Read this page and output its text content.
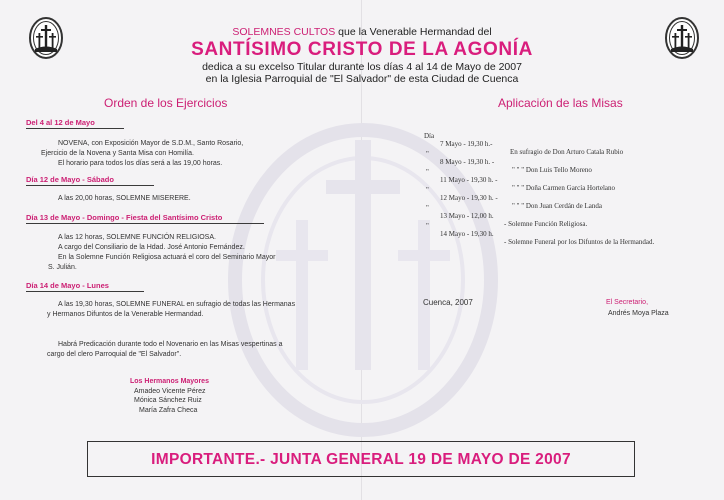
SOLEMNES CULTOS que la Venerable Hermandad del
SANTÍSIMO CRISTO DE LA AGONÍA
dedica a su excelso Titular durante los días 4 al 14 de Mayo de 2007
en la Iglesia Parroquial de "El Salvador" de esta Ciudad de Cuenca
Orden de los Ejercicios
Del 4 al 12 de Mayo
NOVENA, con Exposición Mayor de S.D.M., Santo Rosario,
Ejercicio de la Novena y Santa Misa con Homilía.
El horario para todos los días será a las 19,00 horas.
Día 12 de Mayo - Sábado
A las 20,00 horas, SOLEMNE MISERERE.
Día 13 de Mayo - Domingo - Fiesta del Santísimo Cristo
A las 12 horas, SOLEMNE FUNCIÓN RELIGIOSA.
A cargo del Consiliario de la Hdad. José Antonio Fernández.
En la Solemne Función Religiosa actuará el coro del Seminario Mayor
S. Julián.
Día 14 de Mayo - Lunes
A las 19,30 horas, SOLEMNE FUNERAL en sufragio de todas las Hermanas
y Hermanos Difuntos de la Venerable Hermandad.
Habrá Predicación durante todo el Novenario en las Misas vespertinas a
cargo del clero Parroquial de "El Salvador".
Los Hermanos Mayores
Amadeo Vicente Pérez
Mónica Sánchez Ruiz
María Zafra Checa
Aplicación de las Misas

Día

7 Mayo - 19,30 h.-

En sufragio de Don Arturo Catala Rubio

"

8 Mayo - 19,30 h. -

" " " Don Luis Tello Moreno

"

11 Mayo - 19,30 h. -

" " " Doña Carmen García Hortelano

"

12 Mayo - 19,30 h. -

" " " Don Juan Cerdán de Landa

"

13 Mayo - 12,00 h.

- Solemne Función Religiosa.

"

14 Mayo - 19,30 h.

- Solemne Funeral por los Difuntos de la Hermandad.

Cuenca, 2007	El Secretario,
Andrés Moya Plaza
IMPORTANTE.- JUNTA GENERAL 19 DE MAYO DE 2007
